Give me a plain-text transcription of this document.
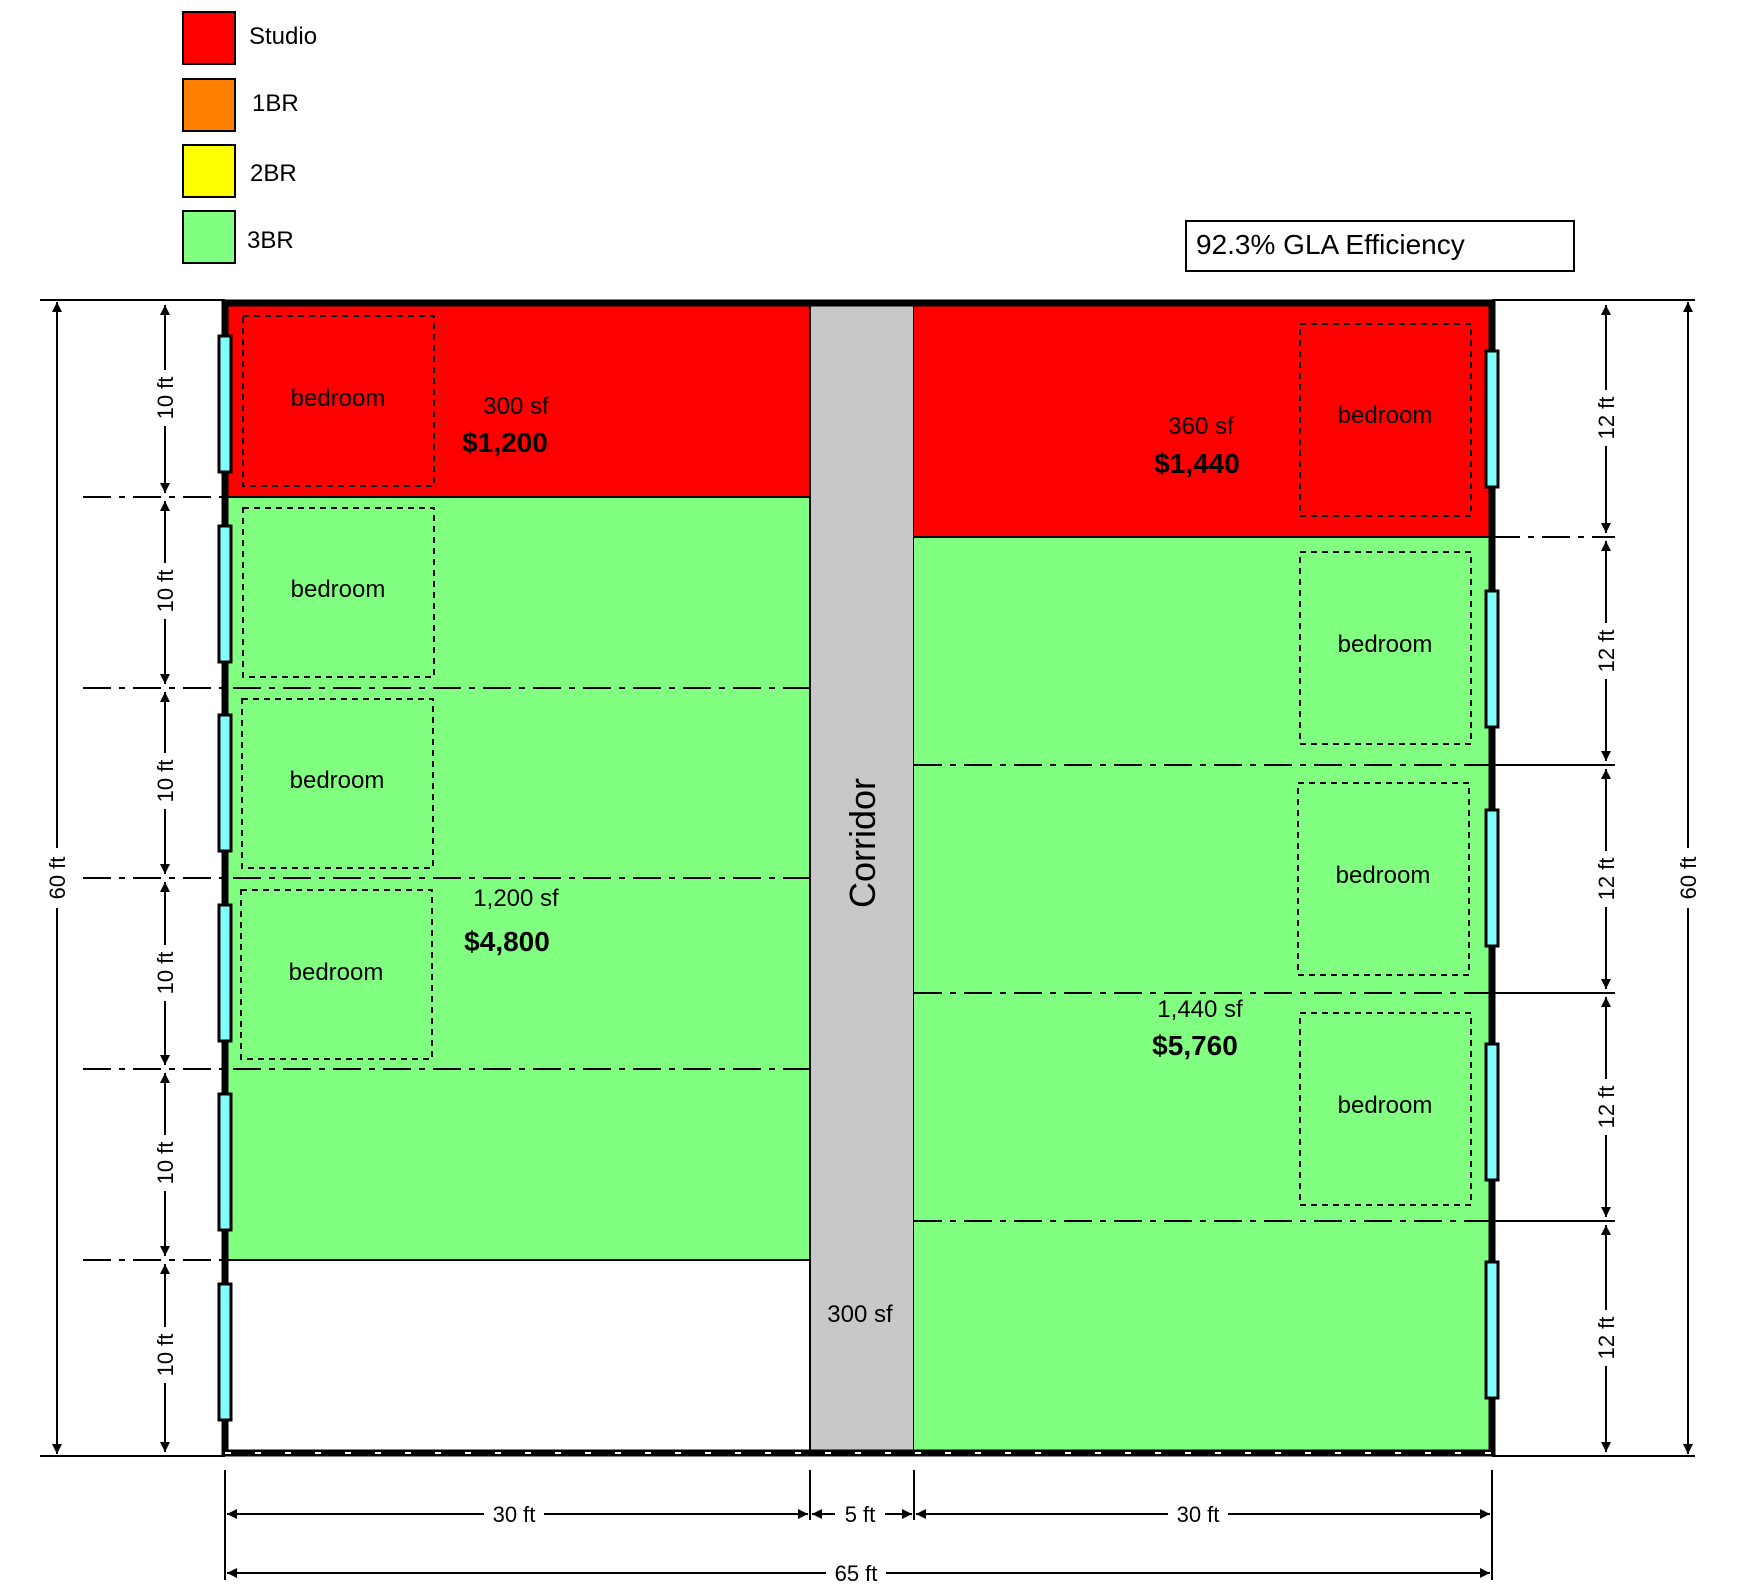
Studio
1BR
2BR
3BR	92.3% GLA Efficiency
bedroom
bedroom
bedroom
bedroom
bedroom
bedroom
bedroom
bedroom
300 sf
$1,200
1,200 sf
$4,800
360 sf
$1,440
1,440 sf
$5,760
Corridor
300 sf
10 ft
10 ft
10 ft
10 ft
10 ft
10 ft
60 ft
12 ft
12 ft
12 ft
12 ft
12 ft
60 ft
30 ft	5 ft	30 ft
65 ft
